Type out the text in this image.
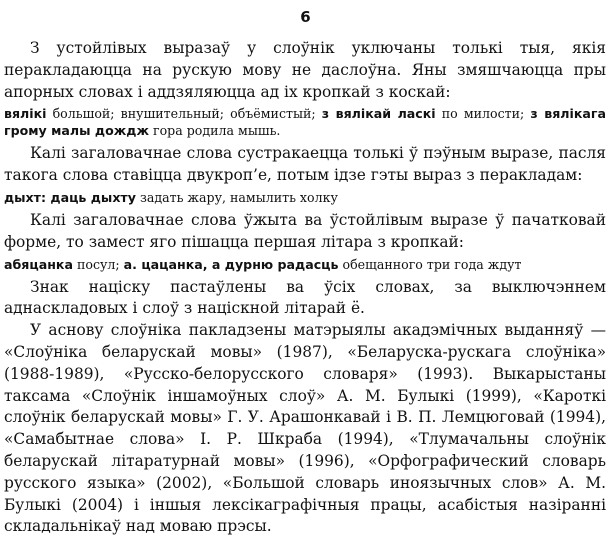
6

З устойлівых выразаў у слоўнік уключаны толькі тыя, якія перакладаюцца на рускую мову не даслоўна. Яны змяшчаюцца пры апорных словах і аддзяляюцца ад іх кропкай з коскай:

вялікі большой; внушительный; объёмистый; з вялікай ласкі по милости; з вялікага грому малы дождж гора родила мышь.

Калі загаловачнае слова сустракаецца толькі ў пэўным выразе, пасля такога слова ставіцца двукроп’е, потым ідзе гэты выраз з перакладам:

дыхт: даць дыхту задать жару, намылить холку

Калі загаловачнае слова ўжыта ва ўстойлівым выразе ў пачатковай форме, то замест яго пішацца першая літара з кропкай:

абяцанка посул; а. цацанка, а дурню радасць обещанного три года ждут

Знак націску пастаўлены ва ўсіх словах, за выключэннем аднаскладовых і слоў з націскной літарай ё.

У аснову слоўніка пакладзены матэрыялы акадэмічных выданняў — «Слоўніка беларускай мовы» (1987), «Беларуска-рускага слоўніка» (1988-1989), «Русско-белорусского словаря» (1993). Выкарыстаны таксама «Слоўнік іншамоўных слоў» А. М. Булыкі (1999), «Кароткі слоўнік беларускай мовы» Г. У. Арашонкавай і В. П. Лемцюговай (1994), «Самабытнае слова» І. Р. Шкраба (1994), «Тлумачальны слоўнік беларускай літаратурнай мовы» (1996), «Орфографический словарь русского языка» (2002), «Большой словарь иноязычных слов» А. М. Булыкі (2004) і іншыя лексікаграфічныя працы, асабістыя назіранні складальнікаў над моваю прэсы.
